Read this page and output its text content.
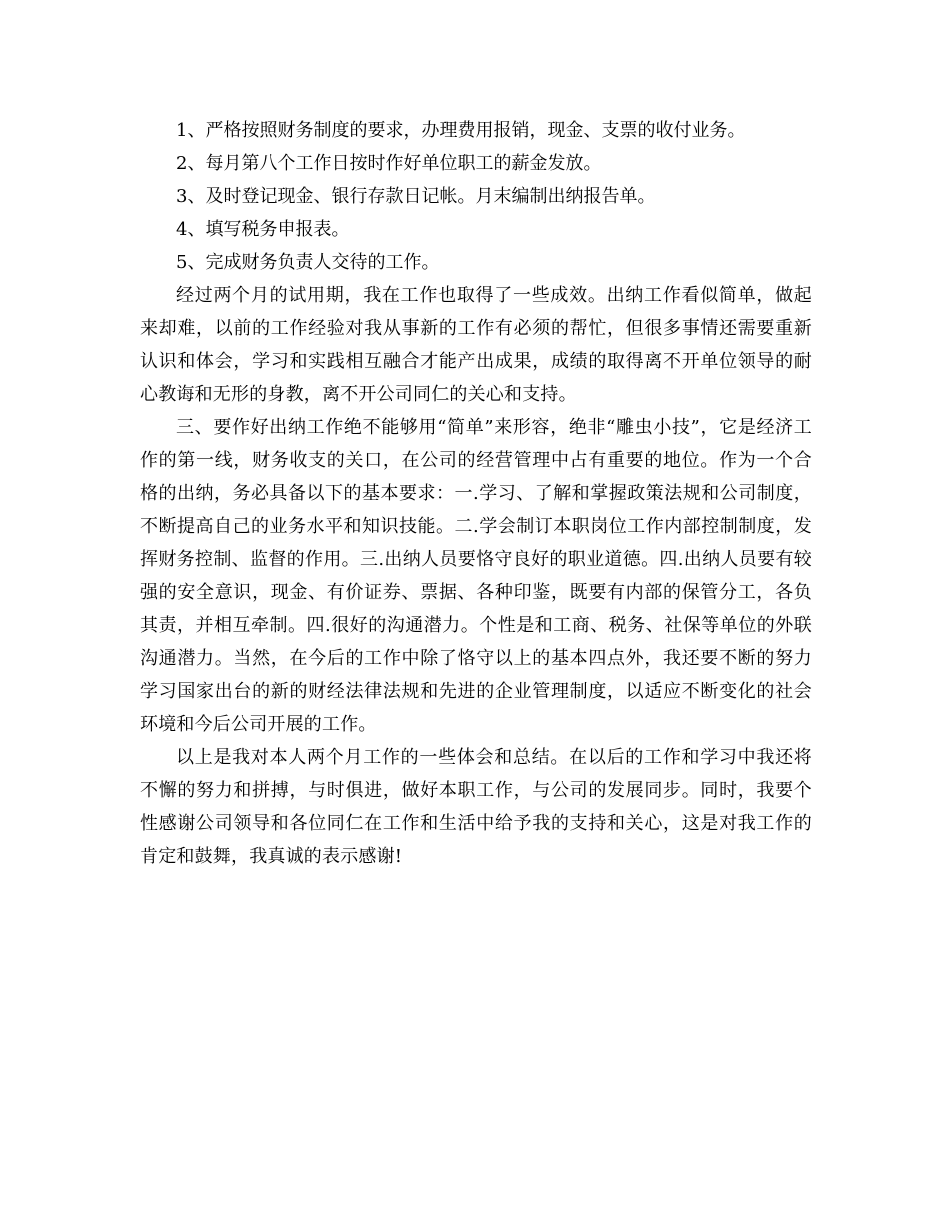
1、严格按照财务制度的要求，办理费用报销，现金、支票的收付业务。

2、每月第八个工作日按时作好单位职工的薪金发放。

3、及时登记现金、银行存款日记帐。月末编制出纳报告单。

4、填写税务申报表。

5、完成财务负责人交待的工作。

经过两个月的试用期，我在工作也取得了一些成效。出纳工作看似简单，做起来却难，以前的工作经验对我从事新的工作有必须的帮忙，但很多事情还需要重新认识和体会，学习和实践相互融合才能产出成果，成绩的取得离不开单位领导的耐心教诲和无形的身教，离不开公司同仁的关心和支持。

三、要作好出纳工作绝不能够用“简单”来形容，绝非“雕虫小技”，它是经济工作的第一线，财务收支的关口，在公司的经营管理中占有重要的地位。作为一个合格的出纳，务必具备以下的基本要求：一.学习、了解和掌握政策法规和公司制度，不断提高自己的业务水平和知识技能。二.学会制订本职岗位工作内部控制制度，发挥财务控制、监督的作用。三.出纳人员要恪守良好的职业道德。四.出纳人员要有较强的安全意识，现金、有价证券、票据、各种印鉴，既要有内部的保管分工，各负其责，并相互牵制。四.很好的沟通潜力。个性是和工商、税务、社保等单位的外联沟通潜力。当然，在今后的工作中除了恪守以上的基本四点外，我还要不断的努力学习国家出台的新的财经法律法规和先进的企业管理制度，以适应不断变化的社会环境和今后公司开展的工作。

以上是我对本人两个月工作的一些体会和总结。在以后的工作和学习中我还将不懈的努力和拼搏，与时俱进，做好本职工作，与公司的发展同步。同时，我要个性感谢公司领导和各位同仁在工作和生活中给予我的支持和关心，这是对我工作的肯定和鼓舞，我真诚的表示感谢!
